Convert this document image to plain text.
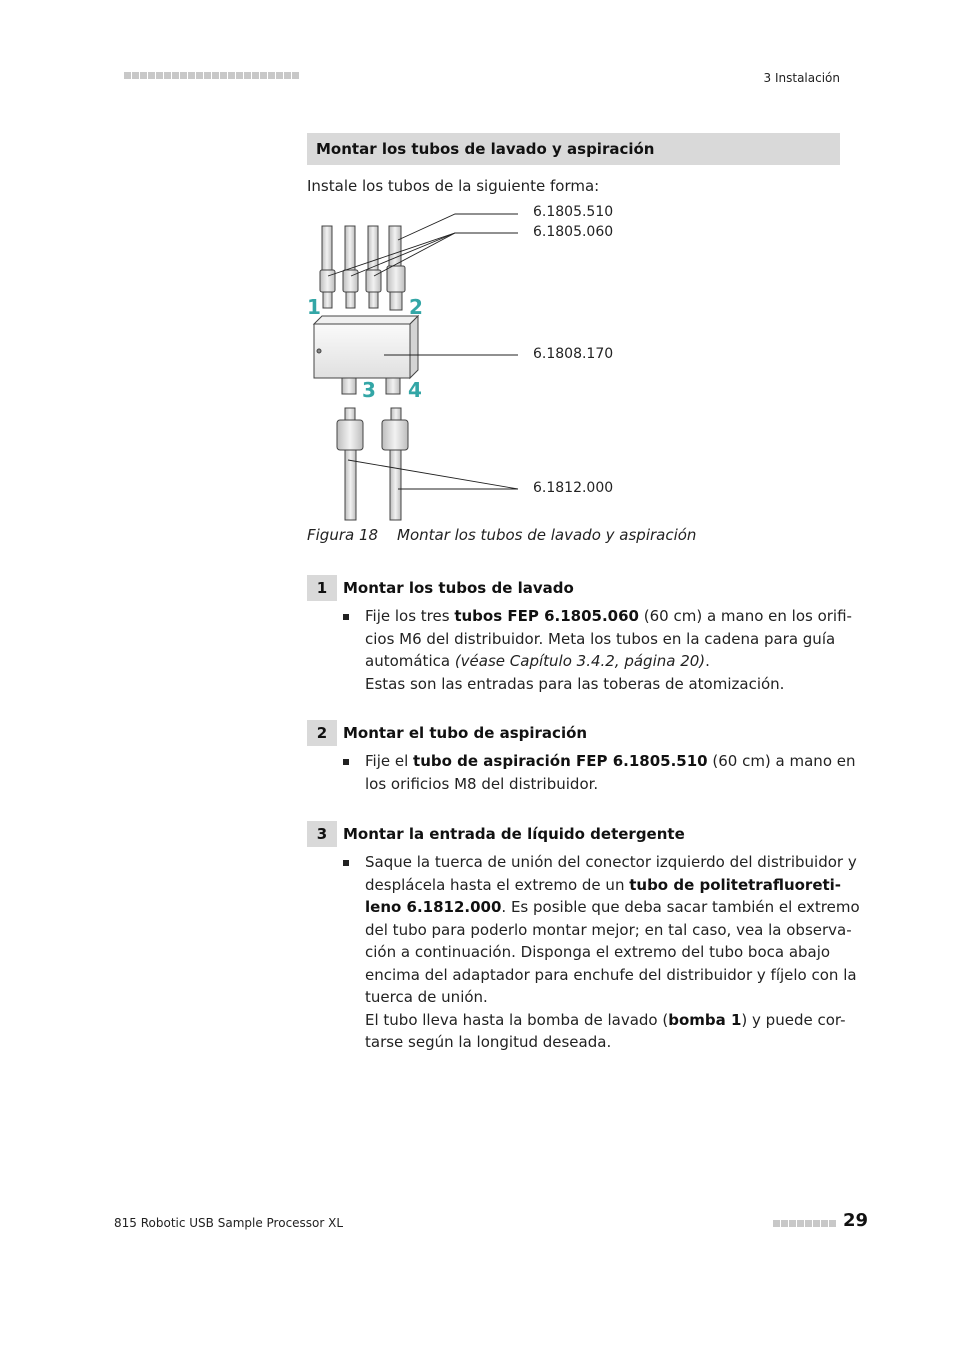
3 Instalación
Montar los tubos de lavado y aspiración
Instale los tubos de la siguiente forma:
6.1805.510
6.1805.060
6.1808.170
6.1812.000
1	2
3 4
Figura 18 Montar los tubos de lavado y aspiración
1	Montar los tubos de lavado
Fije los tres tubos FEP 6.1805.060 (60 cm) a mano en los orifi-
cios M6 del distribuidor. Meta los tubos en la cadena para guía
automática (véase Capítulo 3.4.2, página 20).
Estas son las entradas para las toberas de atomización.
2	Montar el tubo de aspiración
Fije el tubo de aspiración FEP 6.1805.510 (60 cm) a mano en
los orificios M8 del distribuidor.
3	Montar la entrada de líquido detergente
Saque la tuerca de unión del conector izquierdo del distribuidor y
desplácela hasta el extremo de un tubo de politetrafluoreti-
leno 6.1812.000. Es posible que deba sacar también el extremo
del tubo para poderlo montar mejor; en tal caso, vea la observa-
ción a continuación. Disponga el extremo del tubo boca abajo
encima del adaptador para enchufe del distribuidor y fíjelo con la
tuerca de unión.
El tubo lleva hasta la bomba de lavado (bomba 1) y puede cor-
tarse según la longitud deseada.
815 Robotic USB Sample Processor XL	29
